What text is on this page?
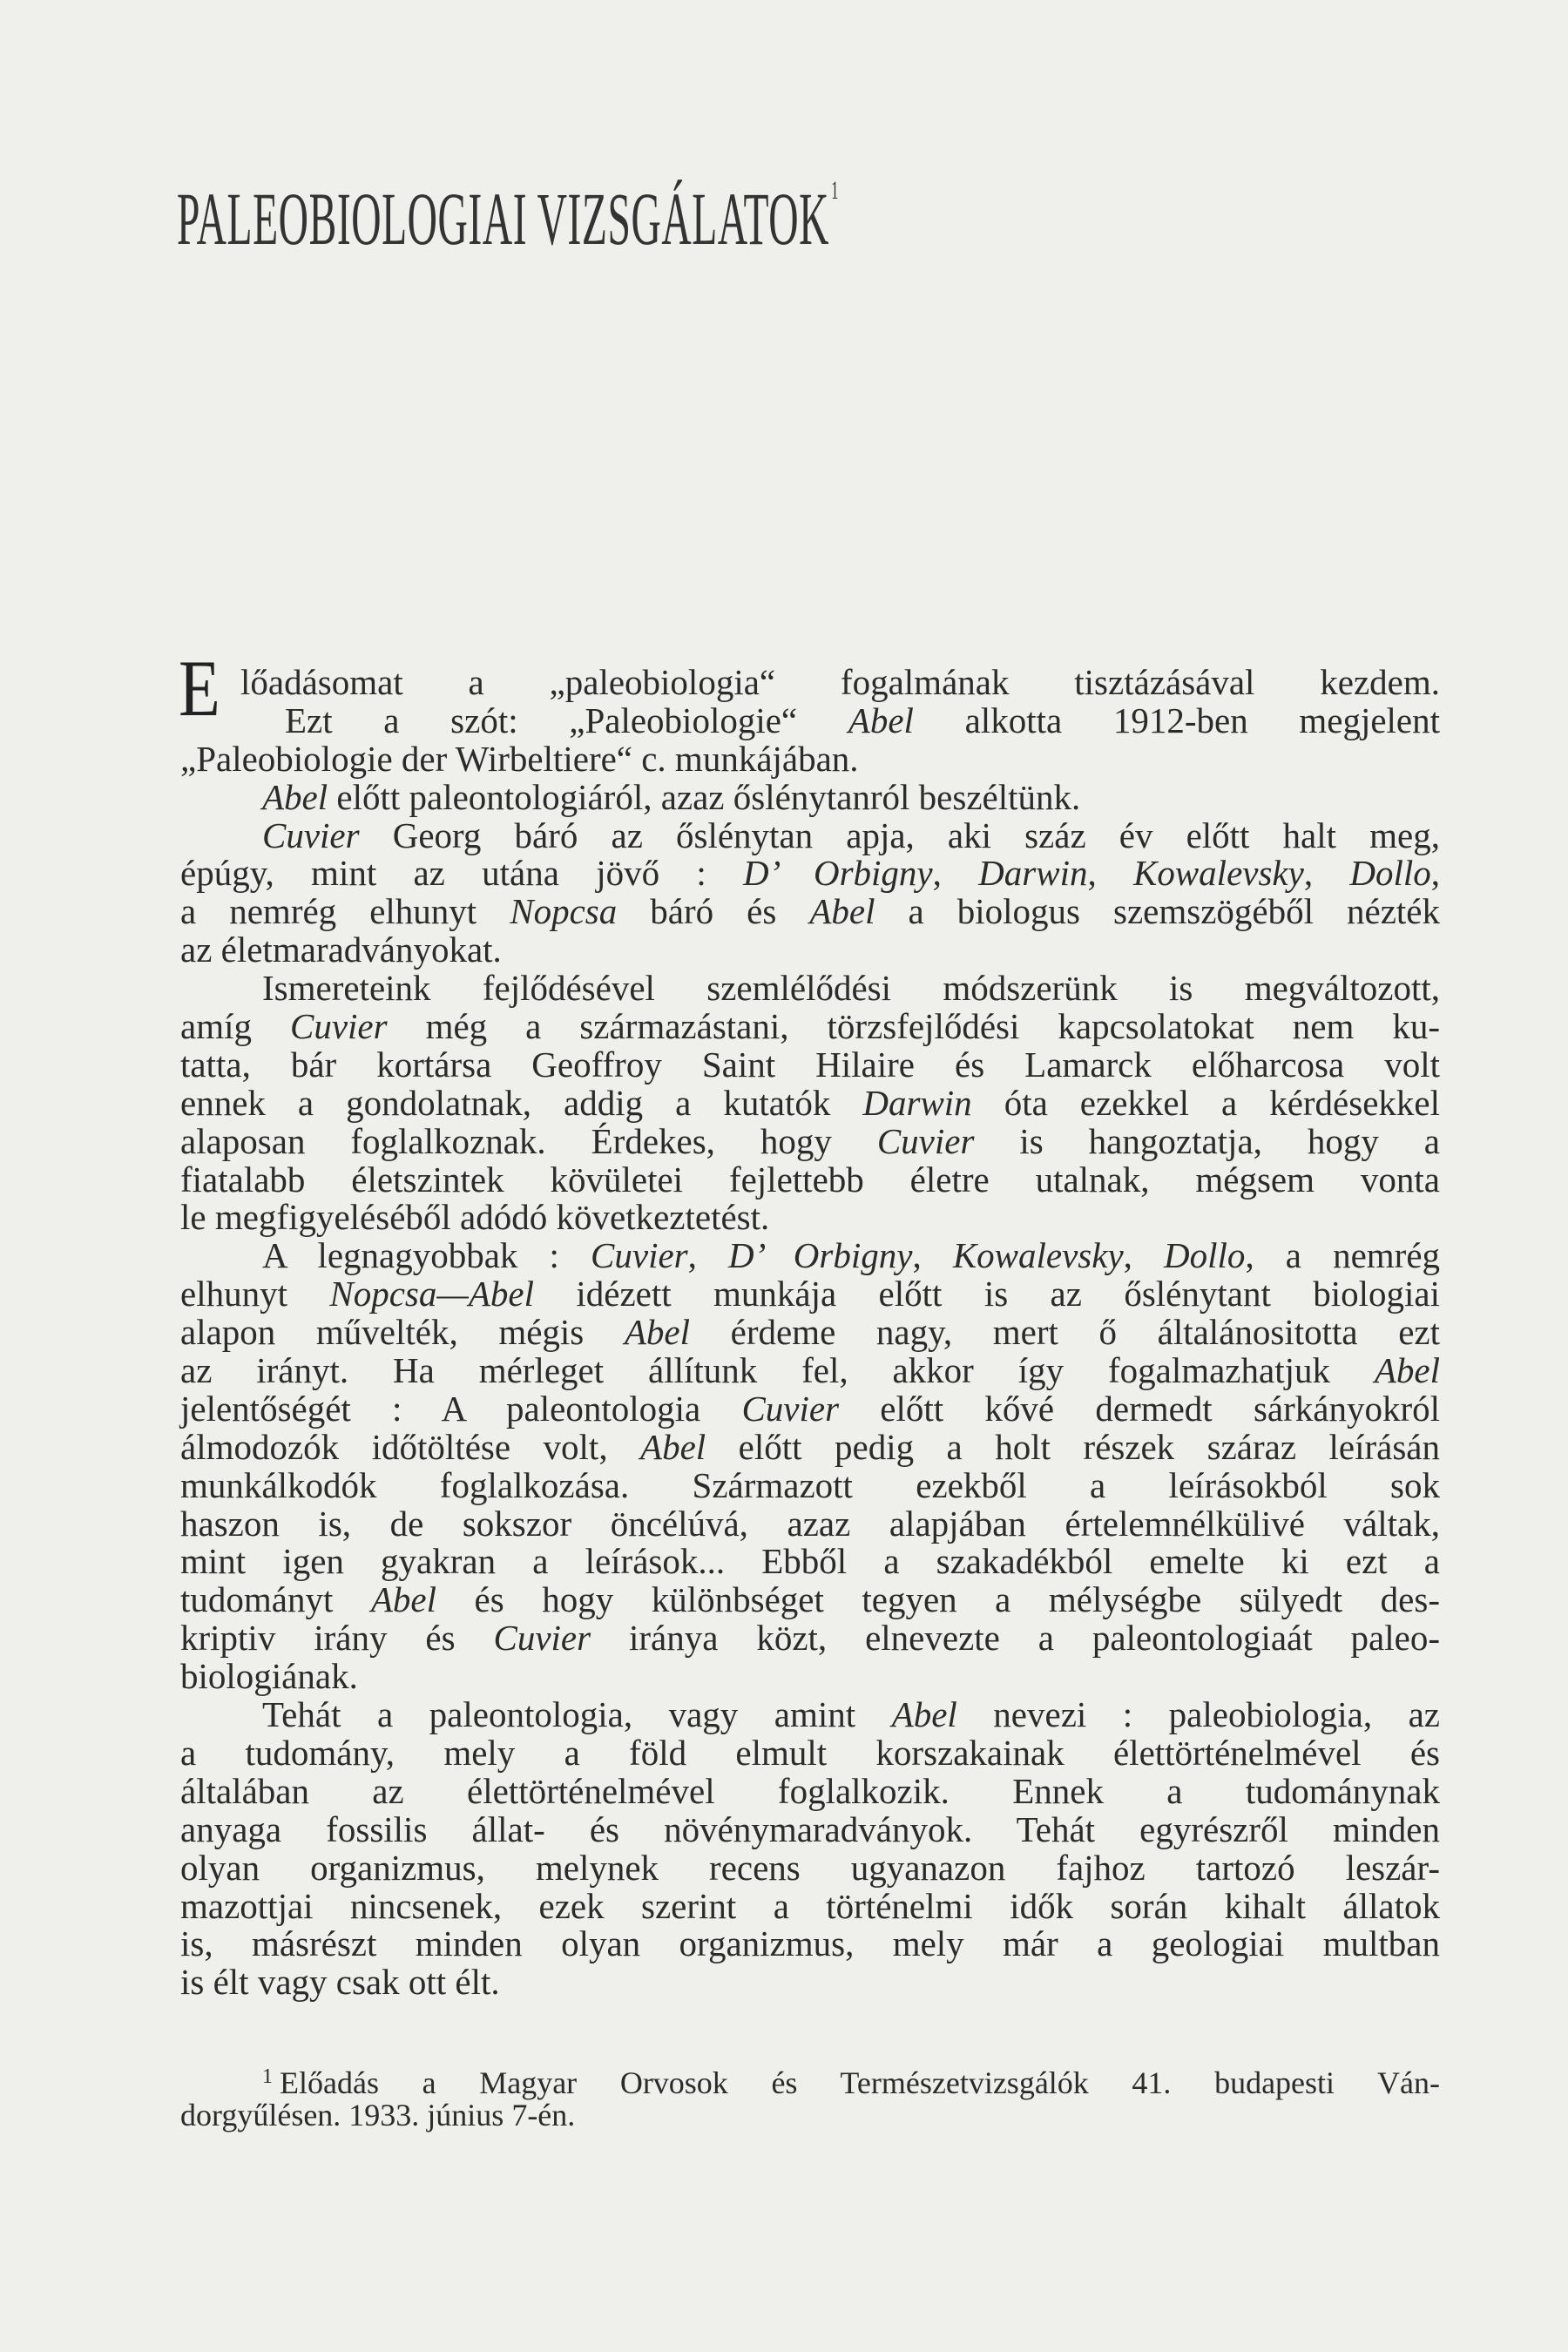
PALEOBIOLOGIAI VIZSGÁLATOK$^1$
E lőadásomat a „paleobiologia“ fogalmának tisztázásával kezdem.
Ezt a szót: „Paleobiologie“ Abel alkotta 1912-ben megjelent
„Paleobiologie der Wirbeltiere“ c. munkájában.
Abel előtt paleontologiáról, azaz őslénytanról beszéltünk.
Cuvier Georg báró az őslénytan apja, aki száz év előtt halt meg,
épúgy, mint az utána jövő : D’ Orbigny, Darwin, Kowalevsky, Dollo,
a nemrég elhunyt Nopcsa báró és Abel a biologus szemszögéből nézték
az életmaradványokat.
Ismereteink fejlődésével szemlélődési módszerünk is megváltozott,
amíg Cuvier még a származástani, törzsfejlődési kapcsolatokat nem ku-
tatta, bár kortársa Geoffroy Saint Hilaire és Lamarck előharcosa volt
ennek a gondolatnak, addig a kutatók Darwin óta ezekkel a kérdésekkel
alaposan foglalkoznak. Érdekes, hogy Cuvier is hangoztatja, hogy a
fiatalabb életszintek kövületei fejlettebb életre utalnak, mégsem vonta
le megfigyeléséből adódó következtetést.
A legnagyobbak : Cuvier, D’ Orbigny, Kowalevsky, Dollo, a nemrég
elhunyt Nopcsa—Abel idézett munkája előtt is az őslénytant biologiai
alapon művelték, mégis Abel érdeme nagy, mert ő általánositotta ezt
az irányt. Ha mérleget állítunk fel, akkor így fogalmazhatjuk Abel
jelentőségét : A paleontologia Cuvier előtt kővé dermedt sárkányokról
álmodozók időtöltése volt, Abel előtt pedig a holt részek száraz leírásán
munkálkodók foglalkozása. Származott ezekből a leírásokból sok
haszon is, de sokszor öncélúvá, azaz alapjában értelemnélkülivé váltak,
mint igen gyakran a leírások... Ebből a szakadékból emelte ki ezt a
tudományt Abel és hogy különbséget tegyen a mélységbe sülyedt des-
kriptiv irány és Cuvier iránya közt, elnevezte a paleontologiaát paleo-
biologiának.
Tehát a paleontologia, vagy amint Abel nevezi : paleobiologia, az
a tudomány, mely a föld elmult korszakainak élettörténelmével és
általában az élettörténelmével foglalkozik. Ennek a tudománynak
anyaga fossilis állat- és növénymaradványok. Tehát egyrészről minden
olyan organizmus, melynek recens ugyanazon fajhoz tartozó leszár-
mazottjai nincsenek, ezek szerint a történelmi idők során kihalt állatok
is, másrészt minden olyan organizmus, mely már a geologiai multban
is élt vagy csak ott élt.
$^1$ Előadás a Magyar Orvosok és Természetvizsgálók 41. budapesti Ván-
dorgyűlésen. 1933. június 7-én.
